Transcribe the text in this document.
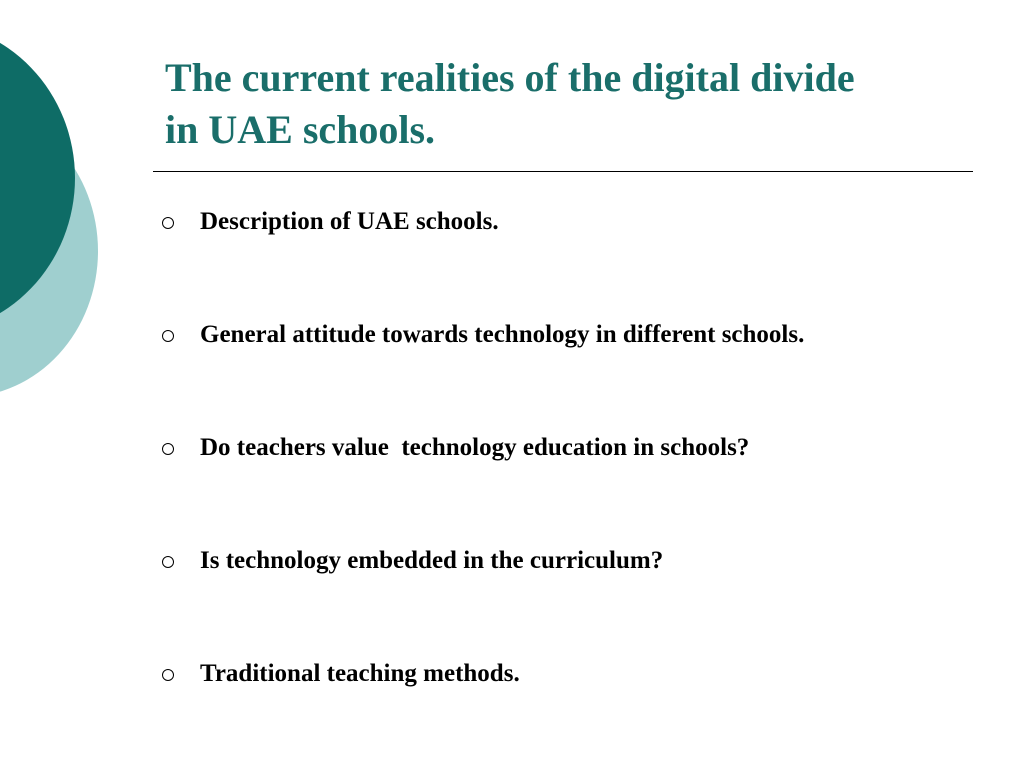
The current realities of the digital divide
in UAE schools.
Description of UAE schools.
General attitude towards technology in different schools.
Do teachers value  technology education in schools?
Is technology embedded in the curriculum?
Traditional teaching methods.
